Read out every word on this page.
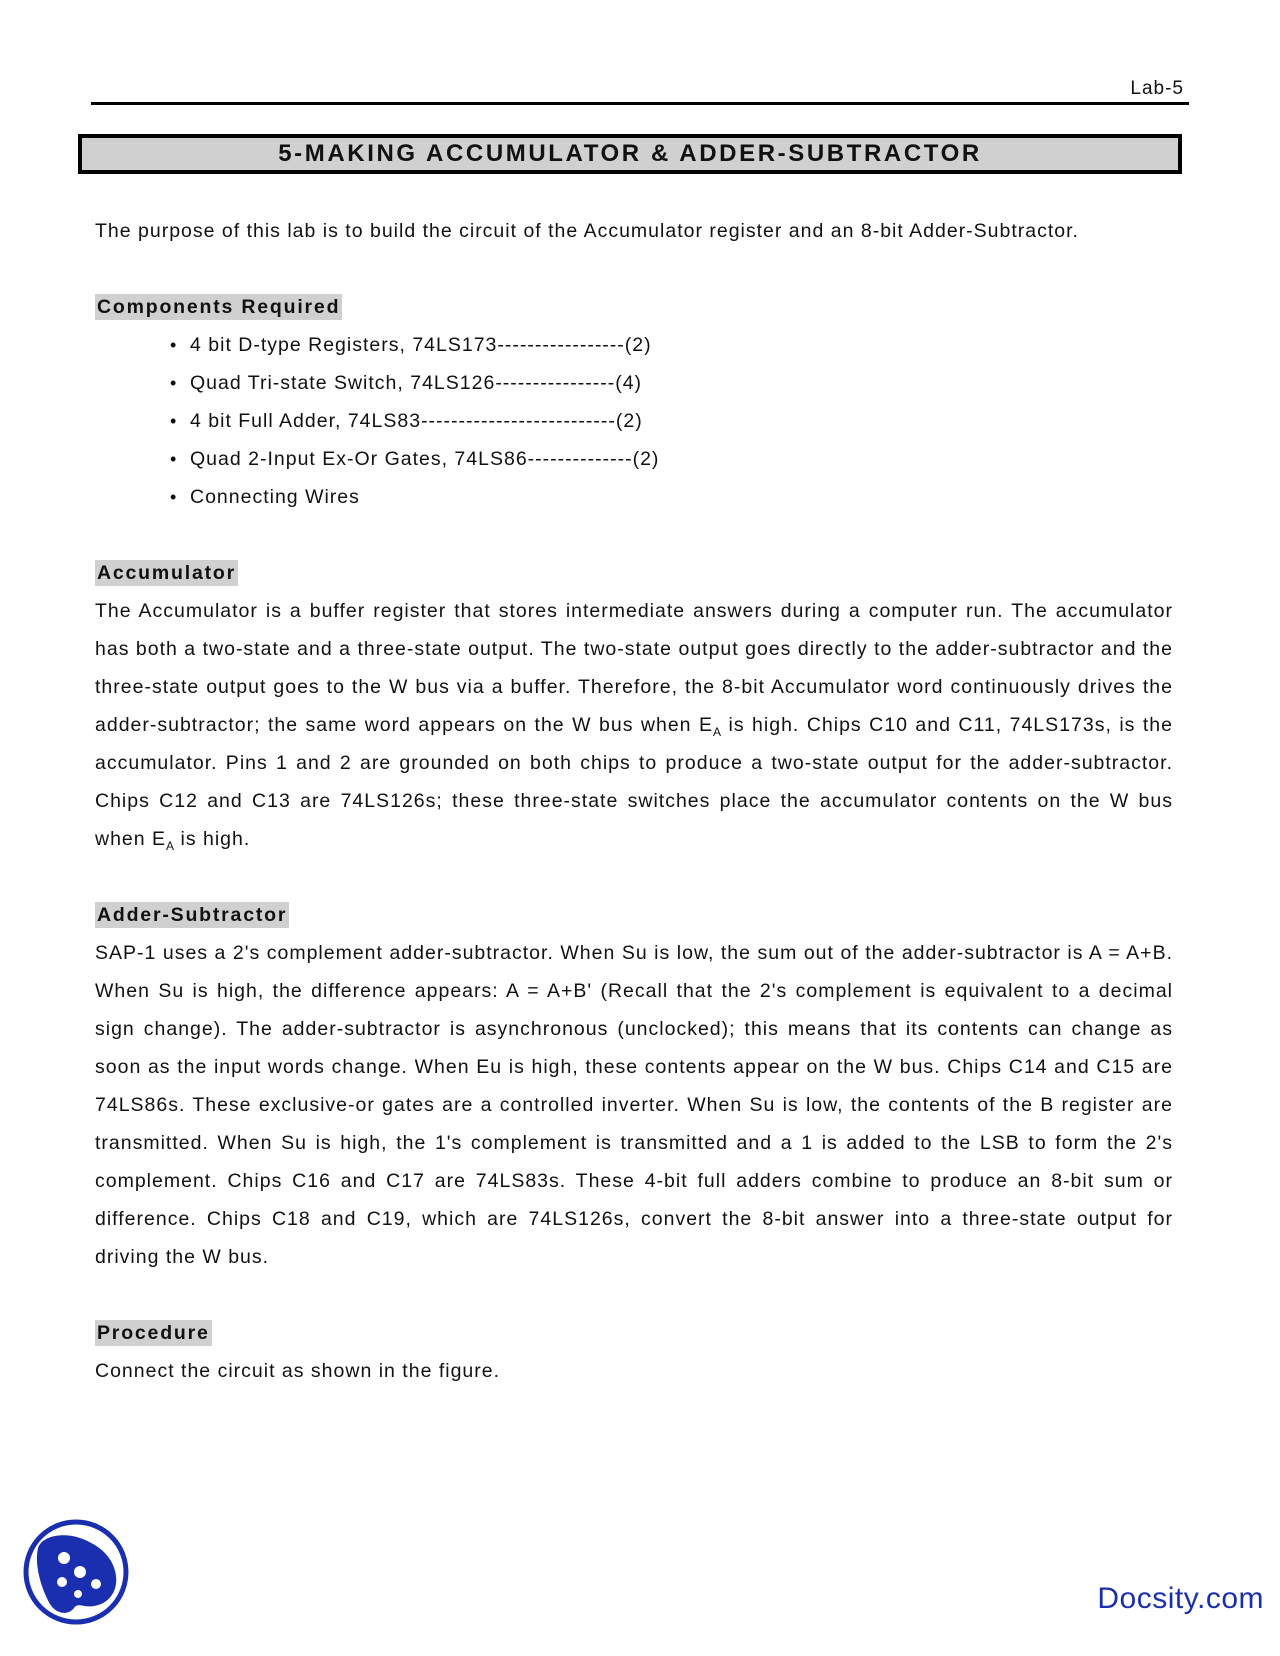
Lab-5
5-MAKING ACCUMULATOR & ADDER-SUBTRACTOR

The purpose of this lab is to build the circuit of the Accumulator register and an 8-bit Adder-Subtractor.

Components Required
• 4 bit D-type Registers, 74LS173-----------------(2)
• Quad Tri-state Switch, 74LS126----------------(4)
• 4 bit Full Adder, 74LS83--------------------------(2)
• Quad 2-Input Ex-Or Gates, 74LS86--------------(2)
• Connecting Wires
Accumulator

The Accumulator is a buffer register that stores intermediate answers during a computer run. The accumulator has both a two-state and a three-state output. The two-state output goes directly to the adder-subtractor and the three-state output goes to the W bus via a buffer. Therefore, the 8-bit Accumulator word continuously drives the adder-subtractor; the same word appears on the W bus when $E_A$ is high. Chips C10 and C11, 74LS173s, is the accumulator. Pins 1 and 2 are grounded on both chips to produce a two-state output for the adder-subtractor. Chips C12 and C13 are 74LS126s; these three-state switches place the accumulator contents on the W bus when $E_A$ is high.

Adder-Subtractor

SAP-1 uses a 2's complement adder-subtractor. When Su is low, the sum out of the adder-subtractor is A = A+B. When Su is high, the difference appears: A = A+B' (Recall that the 2's complement is equivalent to a decimal sign change). The adder-subtractor is asynchronous (unclocked); this means that its contents can change as soon as the input words change. When Eu is high, these contents appear on the W bus. Chips C14 and C15 are 74LS86s. These exclusive-or gates are a controlled inverter. When Su is low, the contents of the B register are transmitted. When Su is high, the 1's complement is transmitted and a 1 is added to the LSB to form the 2's complement. Chips C16 and C17 are 74LS83s. These 4-bit full adders combine to produce an 8-bit sum or difference. Chips C18 and C19, which are 74LS126s, convert the 8-bit answer into a three-state output for driving the W bus.

Procedure

Connect the circuit as shown in the figure.

Docsity.com
